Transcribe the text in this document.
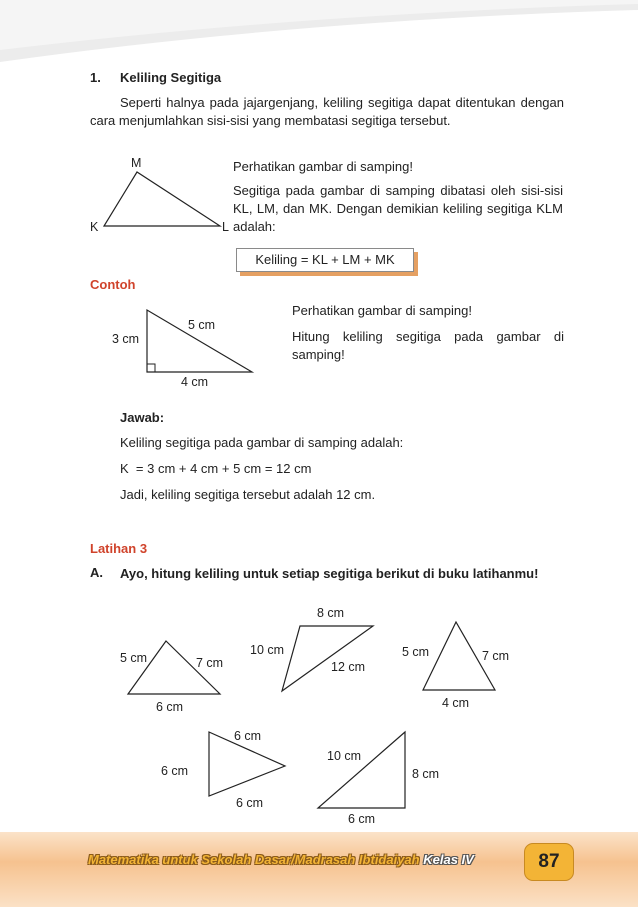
1. Keliling Segitiga
Seperti halnya pada jajargenjang, keliling segitiga dapat ditentukan dengan cara menjumlahkan sisi-sisi yang membatasi segitiga tersebut.
M
K	L
Perhatikan gambar di samping!
Segitiga pada gambar di samping dibatasi oleh sisi-sisi KL, LM, dan MK. Dengan demikian keliling segitiga KLM adalah:
Keliling = KL + LM + MK
Contoh
3 cm
5 cm
4 cm
Perhatikan gambar di samping!
Hitung keliling segitiga pada gambar di samping!
Jawab:
Keliling segitiga pada gambar di samping adalah:
K  = 3 cm + 4 cm + 5 cm = 12 cm
Jadi, keliling segitiga tersebut adalah 12 cm.
Latihan 3
A. Ayo, hitung keliling untuk setiap segitiga berikut di buku latihanmu!
5 cm	7 cm
6 cm
8 cm
10 cm
12 cm
5 cm	7 cm
4 cm
6 cm
6 cm
6 cm
10 cm
8 cm
6 cm
Matematika untuk Sekolah Dasar/Madrasah Ibtidaiyah Kelas IV	87
